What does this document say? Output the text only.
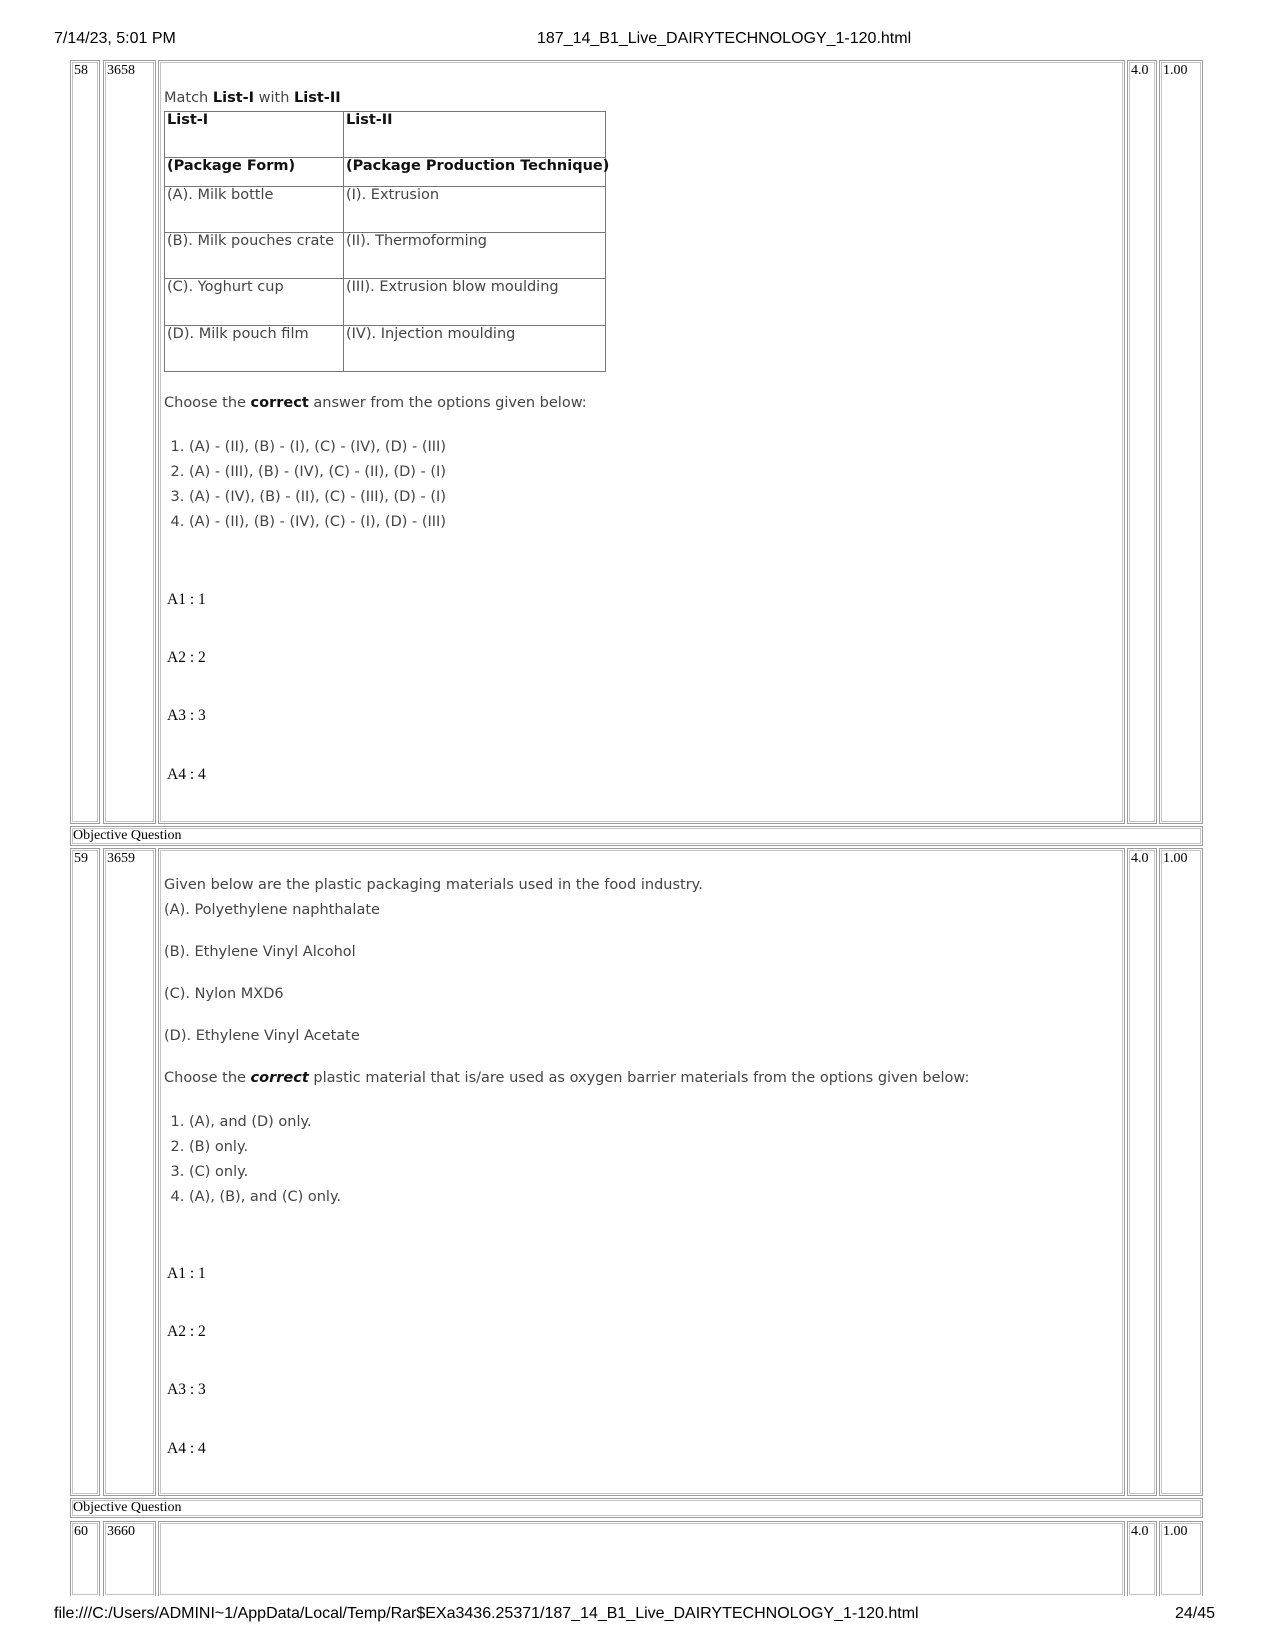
7/14/23, 5:01 PM	187_14_B1_Live_DAIRYTECHNOLOGY_1-120.html
58	3658	4.0	1.00
Match List-I with List-II
List-I	List-II
(Package Form)	(Package Production Technique)
(A). Milk bottle	(I). Extrusion
(B). Milk pouches crate	(II). Thermoforming
(C). Yoghurt cup	(III). Extrusion blow moulding
(D). Milk pouch film	(IV). Injection moulding
Choose the correct answer from the options given below:
1. (A) - (II), (B) - (I), (C) - (IV), (D) - (III)
2. (A) - (III), (B) - (IV), (C) - (II), (D) - (I)
3. (A) - (IV), (B) - (II), (C) - (III), (D) - (I)
4. (A) - (II), (B) - (IV), (C) - (I), (D) - (III)
A1 : 1
A2 : 2
A3 : 3
A4 : 4
Objective Question
59	3659	4.0	1.00
Given below are the plastic packaging materials used in the food industry.
(A). Polyethylene naphthalate
(B). Ethylene Vinyl Alcohol
(C). Nylon MXD6
(D). Ethylene Vinyl Acetate
Choose the correct plastic material that is/are used as oxygen barrier materials from the options given below:
1. (A), and (D) only.
2. (B) only.
3. (C) only.
4. (A), (B), and (C) only.
A1 : 1
A2 : 2
A3 : 3
A4 : 4
Objective Question
60	3660	4.0	1.00
file:///C:/Users/ADMINI~1/AppData/Local/Temp/Rar$EXa3436.25371/187_14_B1_Live_DAIRYTECHNOLOGY_1-120.html	24/45
